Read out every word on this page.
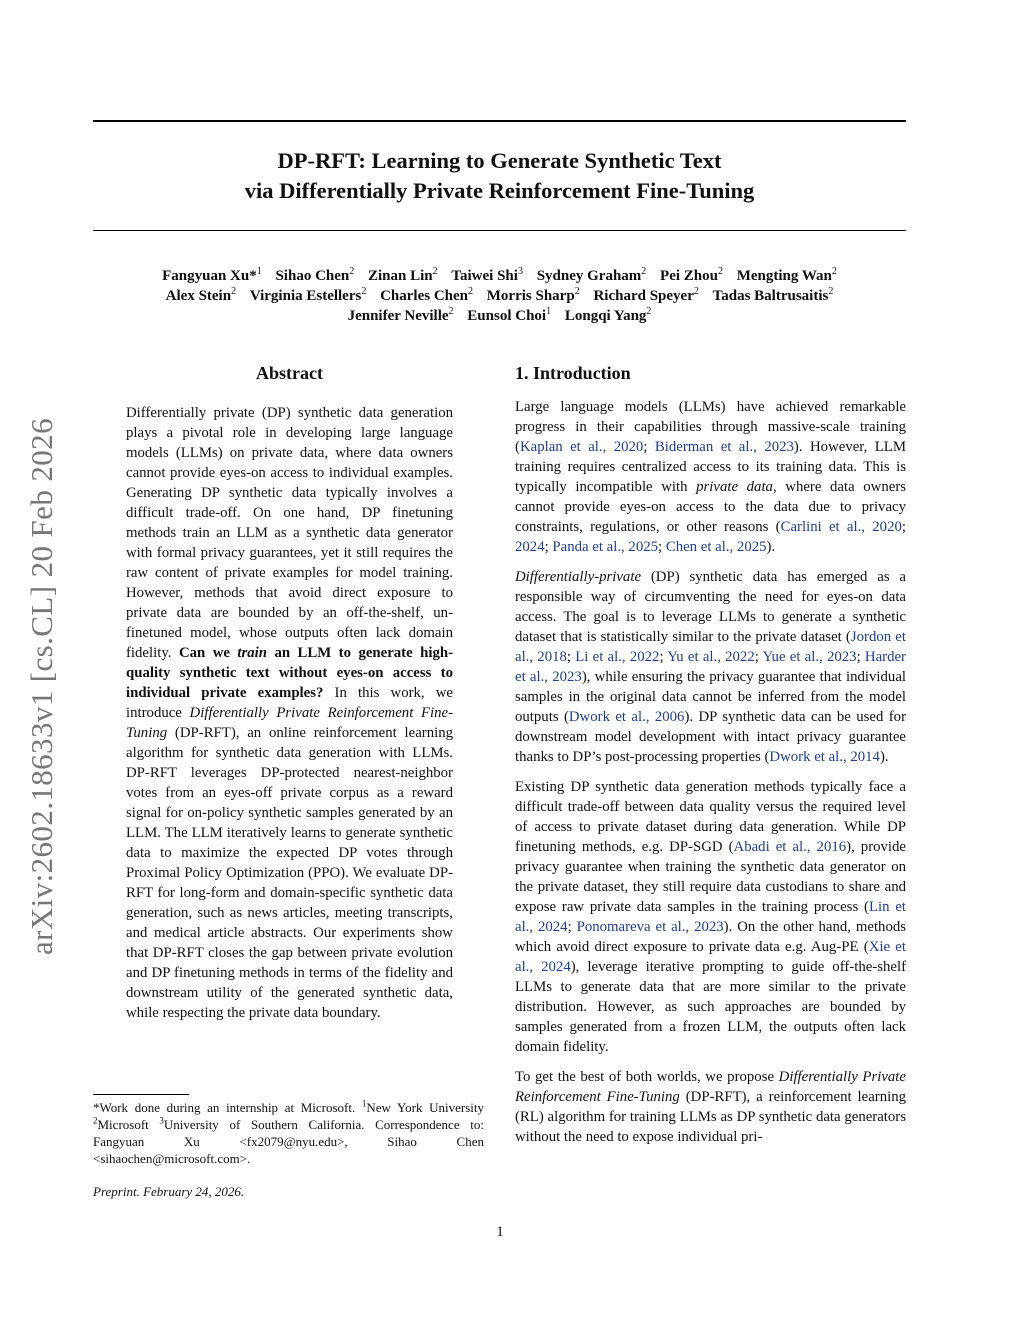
DP-RFT: Learning to Generate Synthetic Text
via Differentially Private Reinforcement Fine-Tuning
Fangyuan Xu*$^1$ Sihao Chen$^2$ Zinan Lin$^2$ Taiwei Shi$^3$ Sydney Graham$^2$ Pei Zhou$^2$ Mengting Wan$^2$
Alex Stein$^2$ Virginia Estellers$^2$ Charles Chen$^2$ Morris Sharp$^2$ Richard Speyer$^2$ Tadas Baltrusaitis$^2$
Jennifer Neville$^2$ Eunsol Choi$^1$ Longqi Yang$^2$
arXiv:2602.18633v1 [cs.CL] 20 Feb 2026
Abstract

Differentially private (DP) synthetic data generation plays a pivotal role in developing large language models (LLMs) on private data, where data owners cannot provide eyes-on access to individual examples. Generating DP synthetic data typically involves a difficult trade-off. On one hand, DP finetuning methods train an LLM as a synthetic data generator with formal privacy guarantees, yet it still requires the raw content of private examples for model training. However, methods that avoid direct exposure to private data are bounded by an off-the-shelf, un-finetuned model, whose outputs often lack domain fidelity. Can we train an LLM to generate high-quality synthetic text without eyes-on access to individual private examples? In this work, we introduce Differentially Private Reinforcement Fine-Tuning (DP-RFT), an online reinforcement learning algorithm for synthetic data generation with LLMs. DP-RFT leverages DP-protected nearest-neighbor votes from an eyes-off private corpus as a reward signal for on-policy synthetic samples generated by an LLM. The LLM iteratively learns to generate synthetic data to maximize the expected DP votes through Proximal Policy Optimization (PPO). We evaluate DP-RFT for long-form and domain-specific synthetic data generation, such as news articles, meeting transcripts, and medical article abstracts. Our experiments show that DP-RFT closes the gap between private evolution and DP finetuning methods in terms of the fidelity and downstream utility of the generated synthetic data, while respecting the private data boundary.

1. Introduction

Large language models (LLMs) have achieved remarkable progress in their capabilities through massive-scale training (Kaplan et al., 2020; Biderman et al., 2023). However, LLM training requires centralized access to its training data. This is typically incompatible with private data, where data owners cannot provide eyes-on access to the data due to privacy constraints, regulations, or other reasons (Carlini et al., 2020; 2024; Panda et al., 2025; Chen et al., 2025).

Differentially-private (DP) synthetic data has emerged as a responsible way of circumventing the need for eyes-on data access. The goal is to leverage LLMs to generate a synthetic dataset that is statistically similar to the private dataset (Jordon et al., 2018; Li et al., 2022; Yu et al., 2022; Yue et al., 2023; Harder et al., 2023), while ensuring the privacy guarantee that individual samples in the original data cannot be inferred from the model outputs (Dwork et al., 2006). DP synthetic data can be used for downstream model development with intact privacy guarantee thanks to DP’s post-processing properties (Dwork et al., 2014).

Existing DP synthetic data generation methods typically face a difficult trade-off between data quality versus the required level of access to private dataset during data generation. While DP finetuning methods, e.g. DP-SGD (Abadi et al., 2016), provide privacy guarantee when training the synthetic data generator on the private dataset, they still require data custodians to share and expose raw private data samples in the training process (Lin et al., 2024; Ponomareva et al., 2023). On the other hand, methods which avoid direct exposure to private data e.g. Aug-PE (Xie et al., 2024), leverage iterative prompting to guide off-the-shelf LLMs to generate data that are more similar to the private distribution. However, as such approaches are bounded by samples generated from a frozen LLM, the outputs often lack domain fidelity.

To get the best of both worlds, we propose Differentially Private Reinforcement Fine-Tuning (DP-RFT), a reinforcement learning (RL) algorithm for training LLMs as DP synthetic data generators without the need to expose individual pri-

*Work done during an internship at Microsoft. $^1$New York University $^2$Microsoft $^3$University of Southern California. Correspondence to: Fangyuan Xu <fx2079@nyu.edu>, Sihao Chen <sihaochen@microsoft.com>.
Preprint. February 24, 2026.
1
